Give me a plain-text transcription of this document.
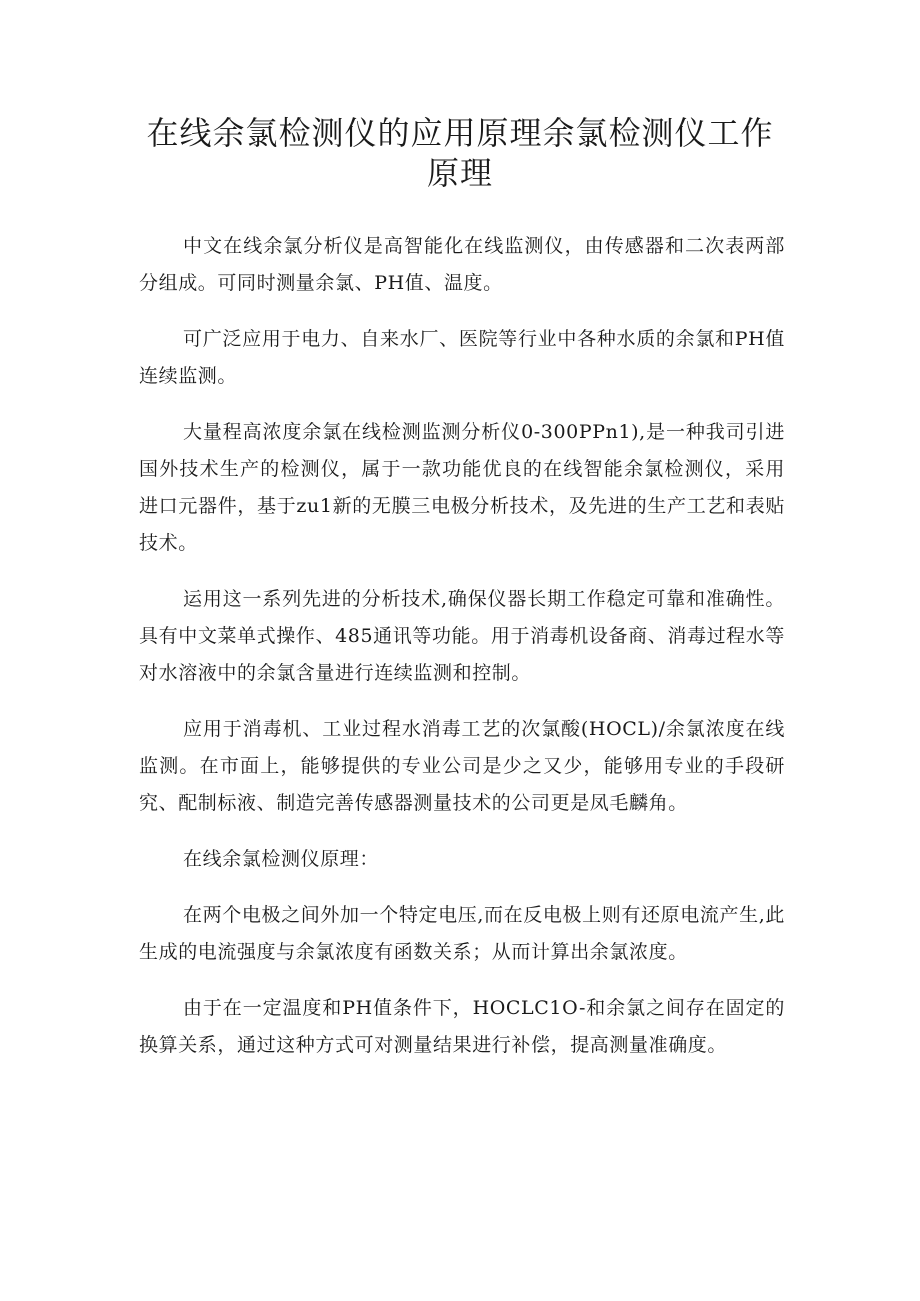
在线余氯检测仪的应用原理余氯检测仪工作原理

中文在线余氯分析仪是高智能化在线监测仪，由传感器和二次表两部分组成。可同时测量余氯、PH值、温度。

可广泛应用于电力、自来水厂、医院等行业中各种水质的余氯和PH值连续监测。

大量程高浓度余氯在线检测监测分析仪0-300PPn1),是一种我司引进国外技术生产的检测仪，属于一款功能优良的在线智能余氯检测仪，采用进口元器件，基于zu1新的无膜三电极分析技术，及先进的生产工艺和表贴技术。

运用这一系列先进的分析技术,确保仪器长期工作稳定可靠和准确性。具有中文菜单式操作、485通讯等功能。用于消毒机设备商、消毒过程水等对水溶液中的余氯含量进行连续监测和控制。

应用于消毒机、工业过程水消毒工艺的次氯酸(HOCL)/余氯浓度在线监测。在市面上，能够提供的专业公司是少之又少，能够用专业的手段研究、配制标液、制造完善传感器测量技术的公司更是凤毛麟角。

在线余氯检测仪原理：

在两个电极之间外加一个特定电压,而在反电极上则有还原电流产生,此生成的电流强度与余氯浓度有函数关系；从而计算出余氯浓度。

由于在一定温度和PH值条件下，HOCLC1O-和余氯之间存在固定的换算关系，通过这种方式可对测量结果进行补偿，提高测量准确度。
